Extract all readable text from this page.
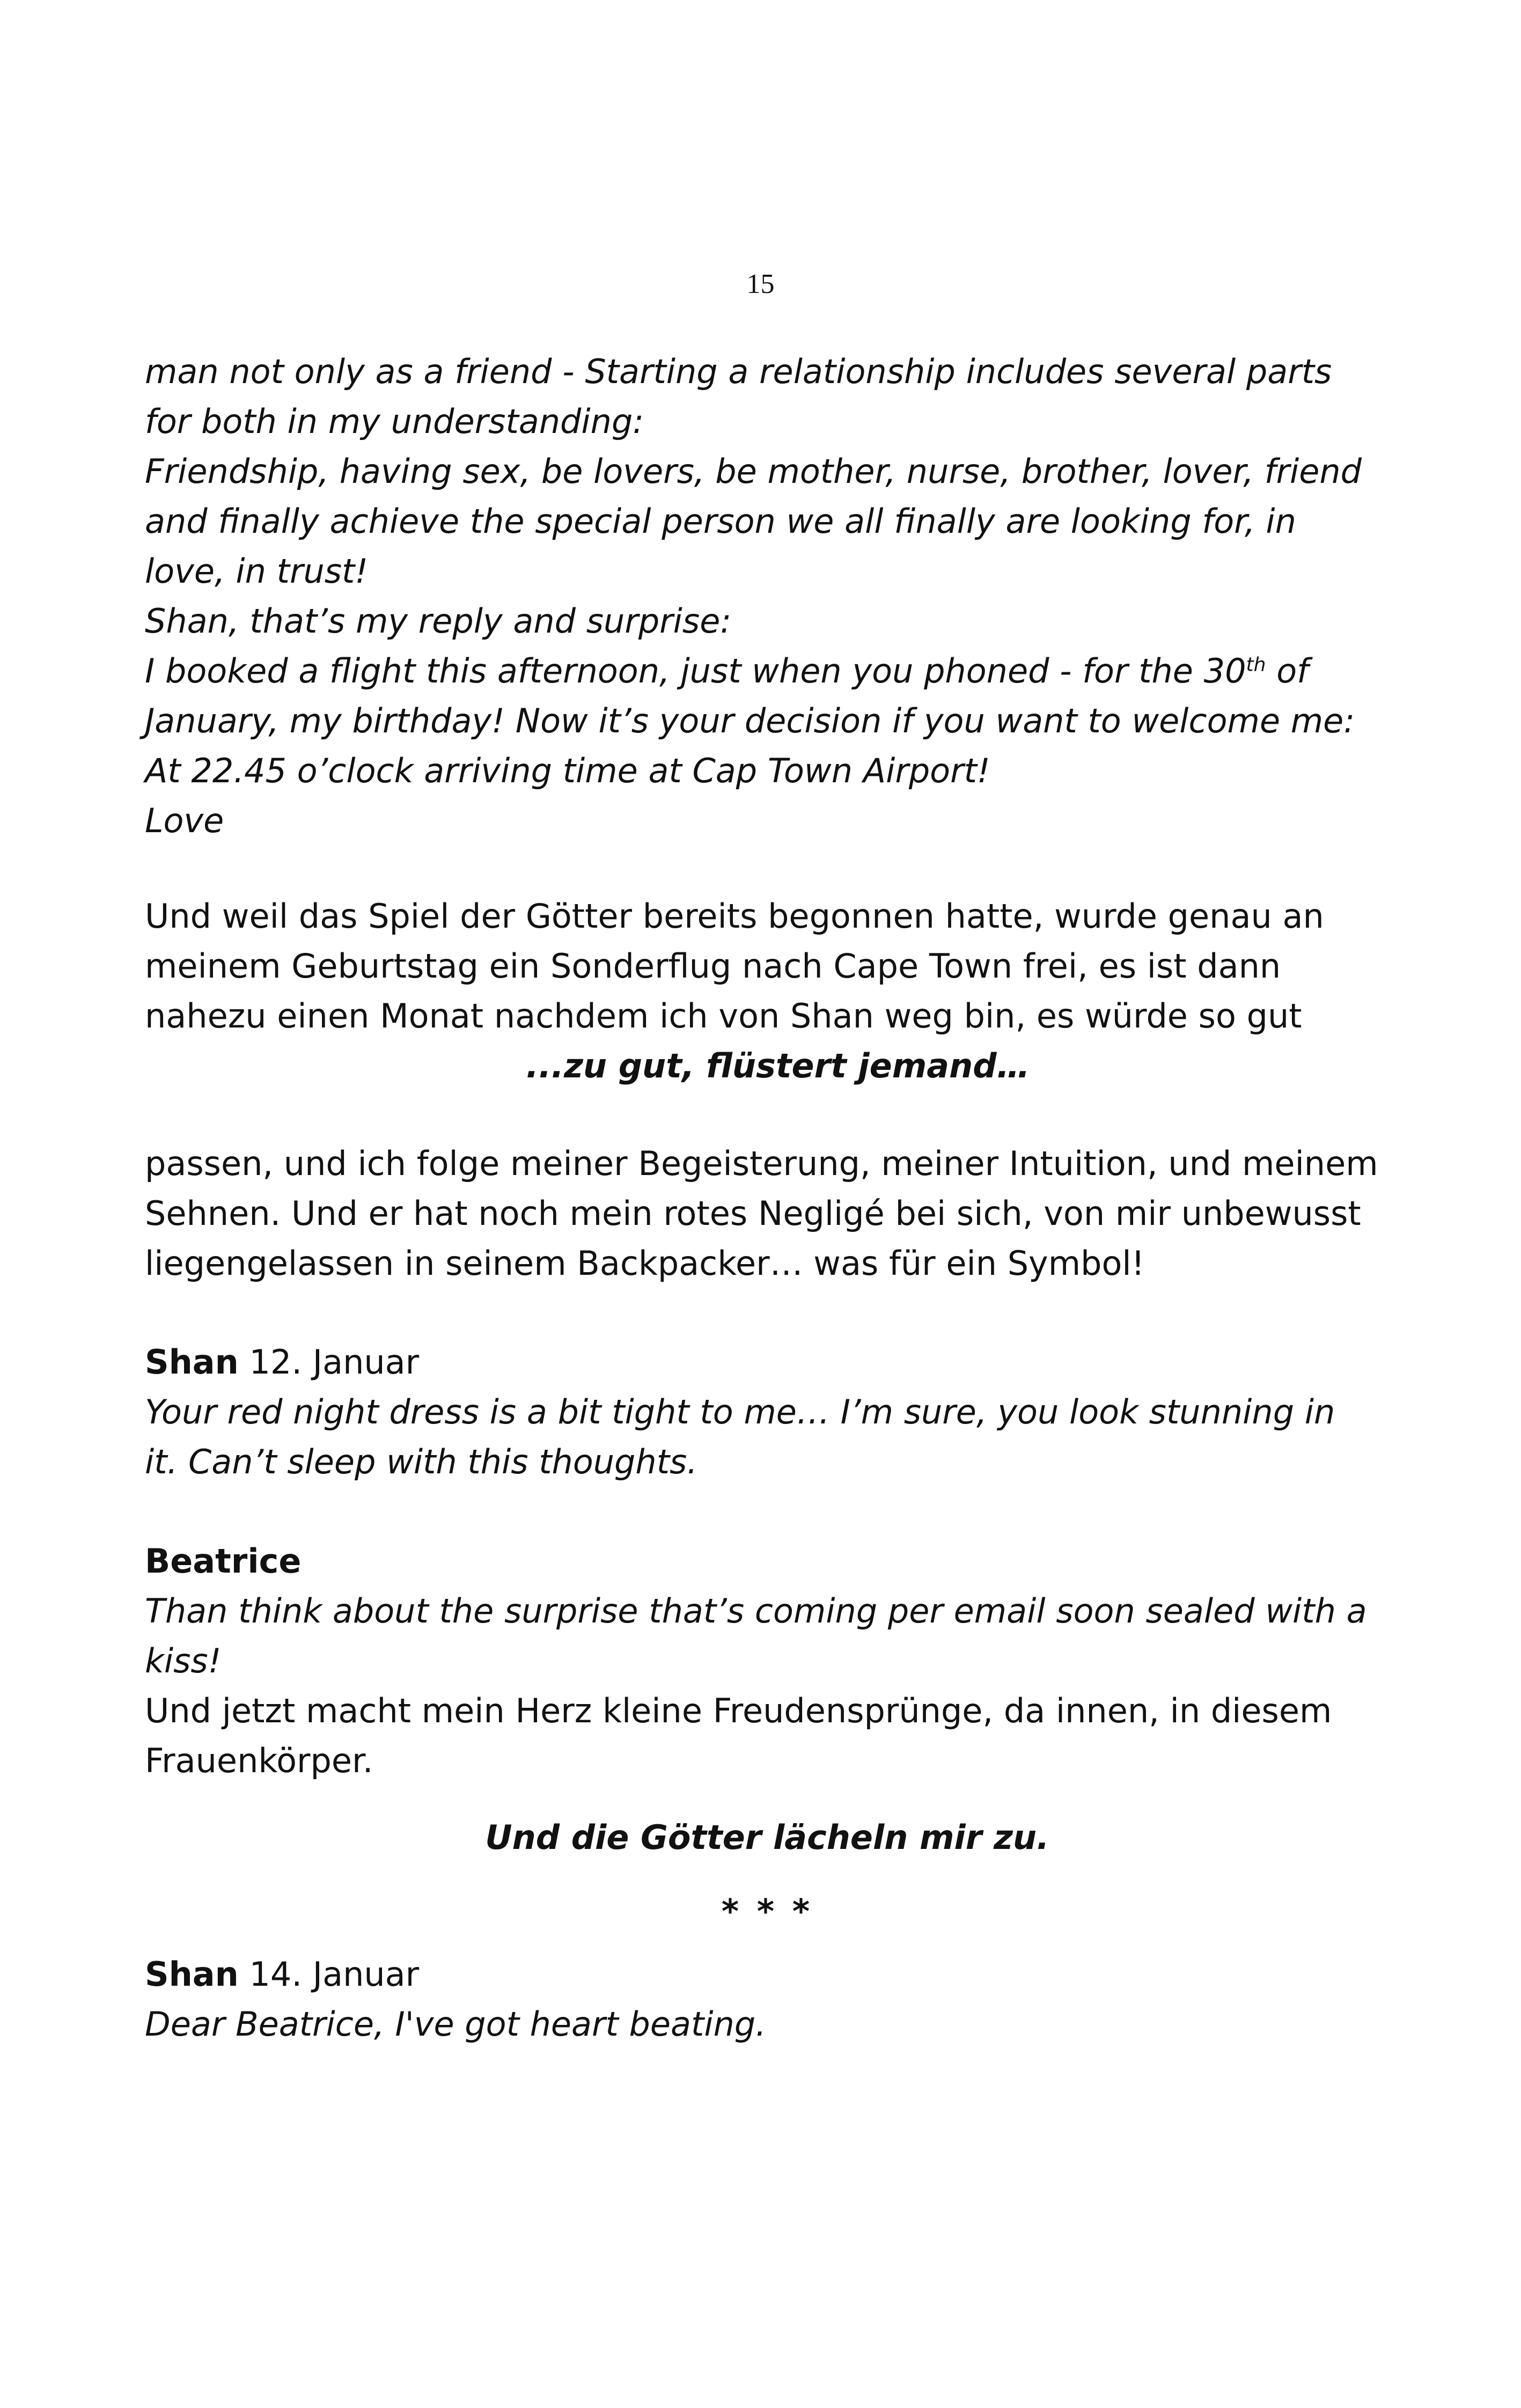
15
man not only as a friend - Starting a relationship includes several parts
for both in my understanding:
Friendship, having sex, be lovers, be mother, nurse, brother, lover, friend
and finally achieve the special person we all finally are looking for, in
love, in trust!
Shan, that’s my reply and surprise:
I booked a flight this afternoon, just when you phoned - for the 30th of
January, my birthday! Now it’s your decision if you want to welcome me:
At 22.45 o’clock arriving time at Cap Town Airport!
Love
Und weil das Spiel der Götter bereits begonnen hatte, wurde genau an
meinem Geburtstag ein Sonderflug nach Cape Town frei, es ist dann
nahezu einen Monat nachdem ich von Shan weg bin, es würde so gut
...zu gut, flüstert jemand…
passen, und ich folge meiner Begeisterung, meiner Intuition, und meinem
Sehnen. Und er hat noch mein rotes Negligé bei sich, von mir unbewusst
liegengelassen in seinem Backpacker… was für ein Symbol!
Shan 12. Januar
Your red night dress is a bit tight to me… I’m sure, you look stunning in
it. Can’t sleep with this thoughts.
Beatrice
Than think about the surprise that’s coming per email soon sealed with a
kiss!
Und jetzt macht mein Herz kleine Freudensprünge, da innen, in diesem
Frauenkörper.
Und die Götter lächeln mir zu.
* * *
Shan 14. Januar
Dear Beatrice, I've got heart beating.
